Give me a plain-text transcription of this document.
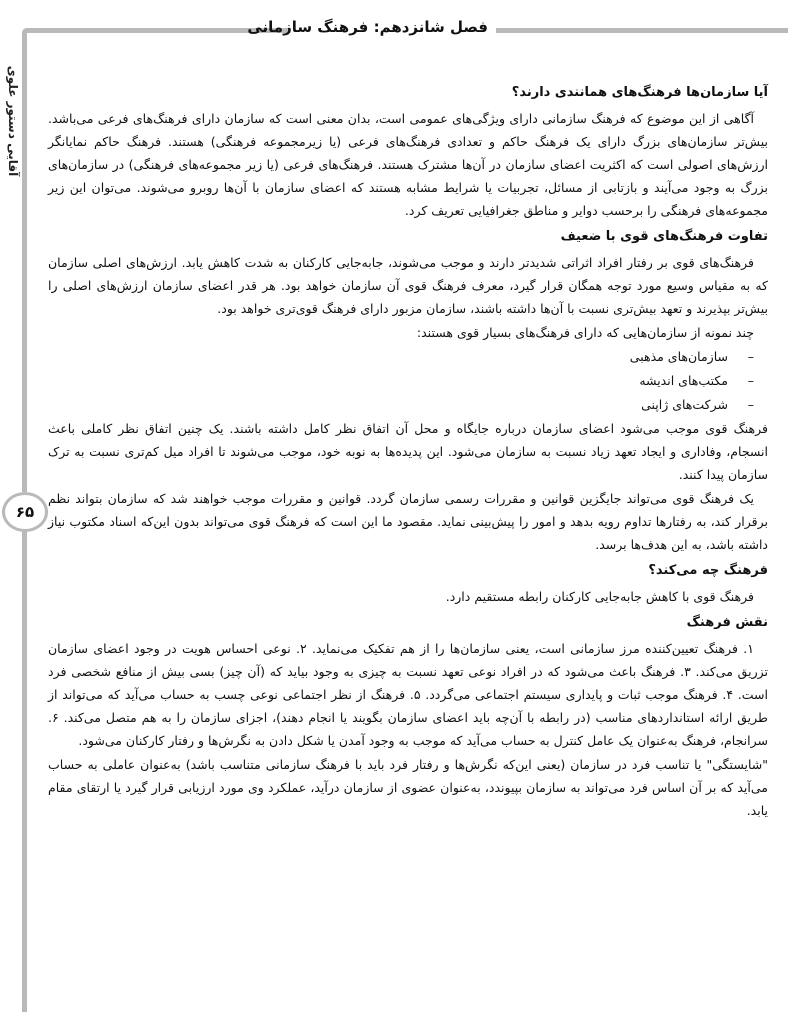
فصل شانزدهم: فرهنگ سازمانی
آقایی دستور علوی
۶۵
آیا سازمان‌ها فرهنگ‌های همانندی دارند؟

آگاهی از این موضوع که فرهنگ سازمانی دارای ویژگی‌های عمومی است، بدان معنی است که سازمان دارای فرهنگ‌های فرعی می‌باشد. بیش‌تر سازمان‌های بزرگ دارای یک فرهنگ حاکم و تعدادی فرهنگ‌های فرعی (یا زیرمجموعه فرهنگی) هستند. فرهنگ حاکم نمایانگر ارزش‌های اصولی است که اکثریت اعضای سازمان در آن‌ها مشترک هستند. فرهنگ‌های فرعی (یا زیر مجموعه‌های فرهنگی) در سازمان‌های بزرگ به وجود می‌آیند و بازتابی از مسائل، تجربیات یا شرایط مشابه هستند که اعضای سازمان با آن‌ها روبرو می‌شوند. می‌توان این زیر مجموعه‌های فرهنگی را برحسب دوایر و مناطق جغرافیایی تعریف کرد.

تفاوت فرهنگ‌های قوی با ضعیف

فرهنگ‌های قوی بر رفتار افراد اثراتی شدیدتر دارند و موجب می‌شوند، جابه‌جایی کارکنان به شدت کاهش یابد. ارزش‌های اصلی سازمان که به مقیاس وسیع مورد توجه همگان قرار گیرد، معرف فرهنگ قوی آن سازمان خواهد بود. هر قدر اعضای سازمان ارزش‌های اصلی را بیش‌تر بپذیرند و تعهد بیش‌تری نسبت با آن‌ها داشته باشند، سازمان مزبور دارای فرهنگ قوی‌تری خواهد بود.

چند نمونه از سازمان‌هایی که دارای فرهنگ‌های بسیار قوی هستند:

–سازمان‌های مذهبی
–مکتب‌های اندیشه
–شرکت‌های ژاپنی

فرهنگ قوی موجب می‌شود اعضای سازمان درباره جایگاه و محل آن اتفاق نظر کامل داشته باشند. یک چنین اتفاق نظر کاملی باعث انسجام، وفاداری و ایجاد تعهد زیاد نسبت به سازمان می‌شود. این پدیده‌ها به نوبه خود، موجب می‌شوند تا افراد میل کم‌تری نسبت به ترک سازمان پیدا کنند.

یک فرهنگ قوی می‌تواند جایگزین قوانین و مقررات رسمی سازمان گردد. قوانین و مقررات موجب خواهند شد که سازمان بتواند نظم برقرار کند، به رفتارها تداوم رویه بدهد و امور را پیش‌بینی نماید. مقصود ما این است که فرهنگ قوی می‌تواند بدون این‌که اسناد مکتوب نیاز داشته باشد، به این هدف‌ها برسد.

فرهنگ چه می‌کند؟

فرهنگ قوی با کاهش جابه‌جایی کارکنان رابطه مستقیم دارد.

نقش فرهنگ

۱. فرهنگ تعیین‌کننده مرز سازمانی است، یعنی سازمان‌ها را از هم تفکیک می‌نماید. ۲. نوعی احساس هویت در وجود اعضای سازمان تزریق می‌کند. ۳. فرهنگ باعث می‌شود که در افراد نوعی تعهد نسبت به چیزی به وجود بیاید که (آن چیز) بسی بیش از منافع شخصی فرد است. ۴. فرهنگ موجب ثبات و پایداری سیستم اجتماعی می‌گردد. ۵. فرهنگ از نظر اجتماعی نوعی چسب به حساب می‌آید که می‌تواند از طریق ارائه استانداردهای مناسب (در رابطه با آن‌چه باید اعضای سازمان بگویند یا انجام دهند)، اجزای سازمان را به هم متصل می‌کند. ۶. سرانجام، فرهنگ به‌عنوان یک عامل کنترل به حساب می‌آید که موجب به وجود آمدن یا شکل دادن به نگرش‌ها و رفتار کارکنان می‌شود.

"شایستگی" یا تناسب فرد در سازمان (یعنی این‌که نگرش‌ها و رفتار فرد باید با فرهنگ سازمانی متناسب باشد) به‌عنوان عاملی به حساب می‌آید که بر آن اساس فرد می‌تواند به سازمان بپیوندد، به‌عنوان عضوی از سازمان درآید، عملکرد وی مورد ارزیابی قرار گیرد یا ارتقای مقام یابد.
